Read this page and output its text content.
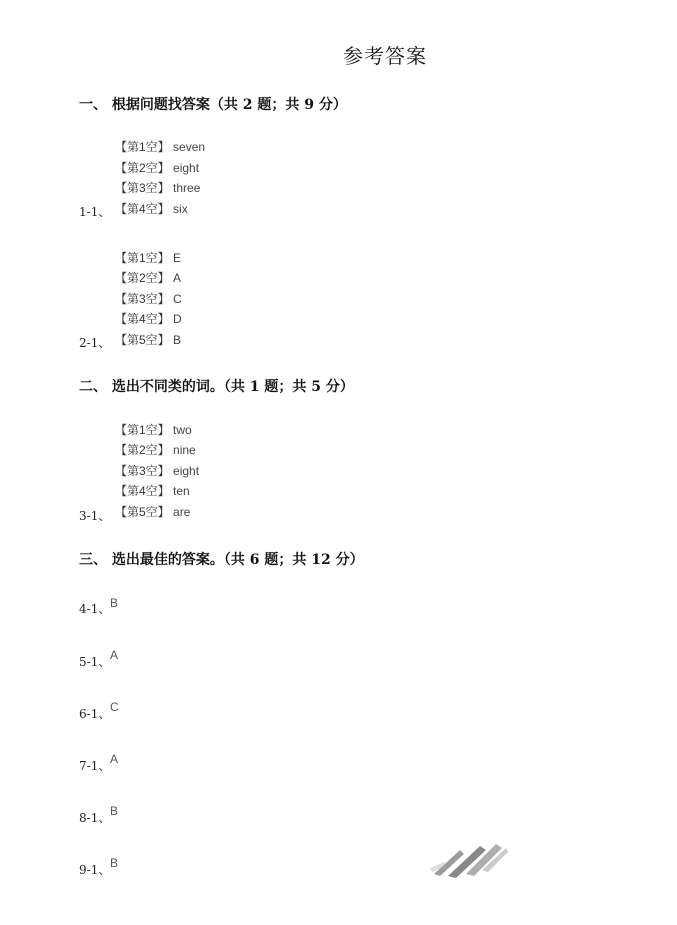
参考答案
一、 根据问题找答案（共 2 题；共 9 分）
【第1空】 seven
【第2空】 eight
【第3空】 three
1-1、 【第4空】 six
【第1空】 E
【第2空】 A
【第3空】 C
【第4空】 D
2-1、 【第5空】 B
二、 选出不同类的词。（共 1 题；共 5 分）
【第1空】 two
【第2空】 nine
【第3空】 eight
【第4空】 ten
3-1、 【第5空】 are
三、 选出最佳的答案。（共 6 题；共 12 分）
4-1、 B
5-1、 A
6-1、 C
7-1、 A
8-1、 B
9-1、 B
